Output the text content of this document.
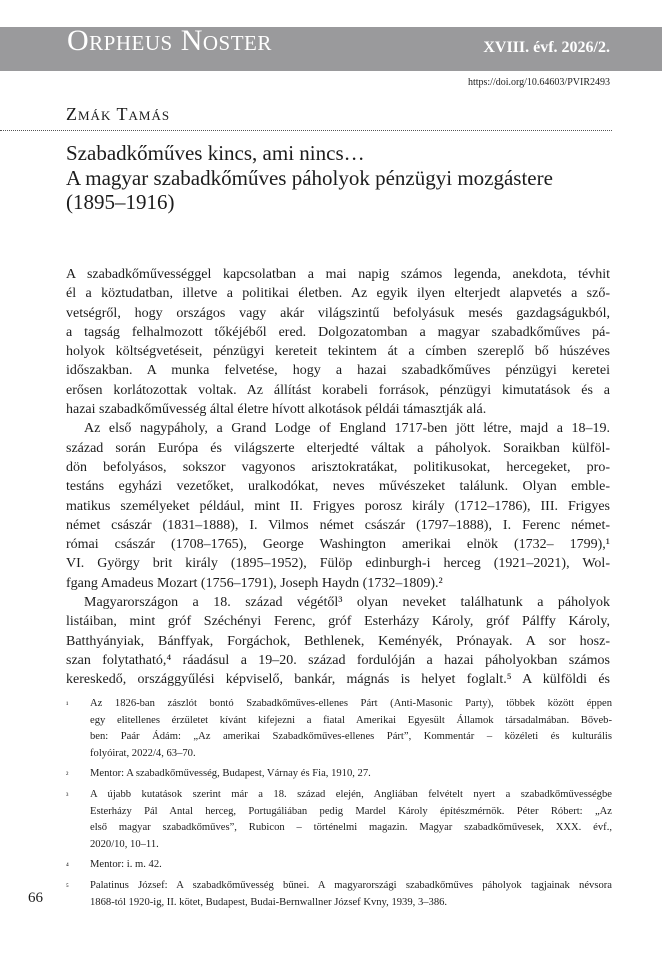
Orpheus Noster	XVIII. évf. 2026/2.
https://doi.org/10.64603/PVIR2493
Zmák Tamás
Szabadkőműves kincs, ami nincs…
A magyar szabadkőműves páholyok pénzügyi mozgástere
(1895–1916)
A szabadkőművességgel kapcsolatban a mai napig számos legenda, anekdota, tévhit
él a köztudatban, illetve a politikai életben. Az egyik ilyen elterjedt alapvetés a sző-
vetségről, hogy országos vagy akár világszintű befolyásuk mesés gazdagságukból,
a tagság felhalmozott tőkéjéből ered. Dolgozatomban a magyar szabadkőműves pá-
holyok költségvetéseit, pénzügyi kereteit tekintem át a címben szereplő bő húszéves
időszakban. A munka felvetése, hogy a hazai szabadkőműves pénzügyi keretei
erősen korlátozottak voltak. Az állítást korabeli források, pénzügyi kimutatások és a
hazai szabadkőművesség által életre hívott alkotások példái támasztják alá.
Az első nagypáholy, a Grand Lodge of England 1717-ben jött létre, majd a 18–19.
század során Európa és világszerte elterjedté váltak a páholyok. Soraikban külföl-
dön befolyásos, sokszor vagyonos arisztokratákat, politikusokat, hercegeket, pro-
testáns egyházi vezetőket, uralkodókat, neves művészeket találunk. Olyan emble-
matikus személyeket például, mint II. Frigyes porosz király (1712–1786), III. Frigyes
német császár (1831–1888), I. Vilmos német császár (1797–1888), I. Ferenc német-
római császár (1708–1765), George Washington amerikai elnök (1732– 1799),¹
VI. György brit király (1895–1952), Fülöp edinburgh-i herceg (1921–2021), Wol-
fgang Amadeus Mozart (1756–1791), Joseph Haydn (1732–1809).²
Magyarországon a 18. század végétől³ olyan neveket találhatunk a páholyok
listáiban, mint gróf Széchényi Ferenc, gróf Esterházy Károly, gróf Pálffy Károly,
Batthyányiak, Bánffyak, Forgáchok, Bethlenek, Keményék, Prónayak. A sor hosz-
szan folytatható,⁴ ráadásul a 19–20. század fordulóján a hazai páholyokban számos
kereskedő, országgyűlési képviselő, bankár, mágnás is helyet foglalt.⁵ A külföldi és
¹ Az 1826-ban zászlót bontó Szabadkőműves-ellenes Párt (Anti-Masonic Party), többek között éppen
egy elitellenes érzületet kívánt kifejezni a fiatal Amerikai Egyesült Államok társadalmában. Bőveb-
ben: Paár Ádám: „Az amerikai Szabadkőműves-ellenes Párt”, Kommentár – közéleti és kulturális
folyóirat, 2022/4, 63–70.
² Mentor: A szabadkőművesség, Budapest, Várnay és Fia, 1910, 27.
³ A újabb kutatások szerint már a 18. század elején, Angliában felvételt nyert a szabadkőművességbe
Esterházy Pál Antal herceg, Portugáliában pedig Mardel Károly építészmérnök. Péter Róbert: „Az
első magyar szabadkőműves”, Rubicon – történelmi magazin. Magyar szabadkőművesek, XXX. évf.,
2020/10, 10–11.
⁴ Mentor: i. m. 42.
⁵ Palatinus József: A szabadkőművesség bűnei. A magyarországi szabadkőműves páholyok tagjainak névsora
1868-tól 1920-ig, II. kötet, Budapest, Budai-Bernwallner József Kvny, 1939, 3–386.
66
